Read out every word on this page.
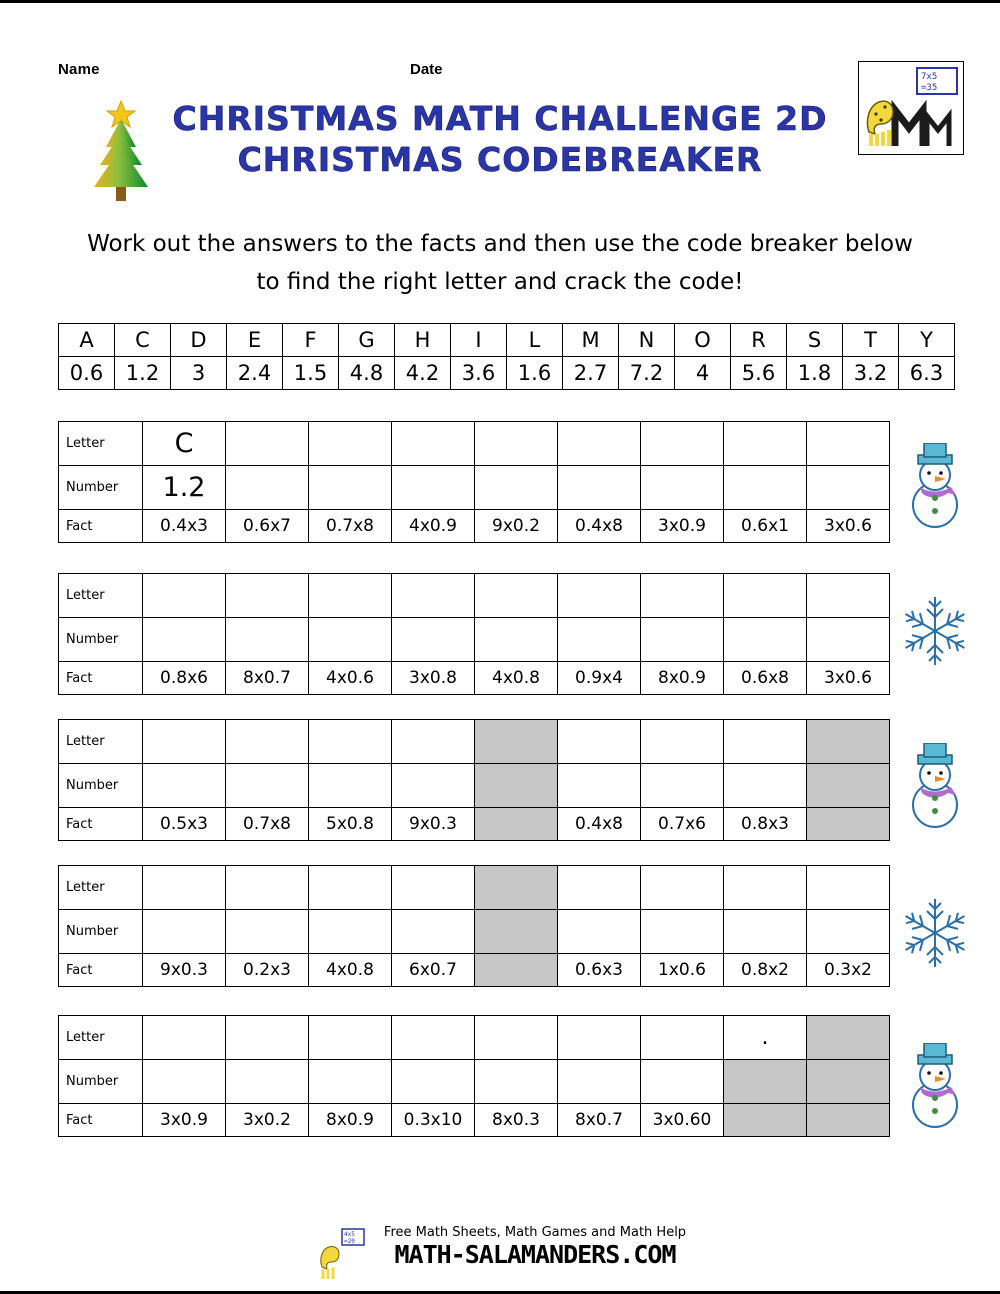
Name	Date	7x5
=35
CHRISTMAS MATH CHALLENGE 2D
CHRISTMAS CODEBREAKER
Work out the answers to the facts and then use the code breaker below
to find the right letter and crack the code!
A	C	D	E	F	G	H	I	L	M	N	O	R	S	T	Y
0.6	1.2	3	2.4	1.5	4.8	4.2	3.6	1.6	2.7	7.2	4	5.6	1.8	3.2	6.3
Letter	C								
Number	1.2								
Fact	0.4x3	0.6x7	0.7x8	4x0.9	9x0.2	0.4x8	3x0.9	0.6x1	3x0.6
Letter									
Number									
Fact	0.8x6	8x0.7	4x0.6	3x0.8	4x0.8	0.9x4	8x0.9	0.6x8	3x0.6
Letter									
Number									
Fact	0.5x3	0.7x8	5x0.8	9x0.3		0.4x8	0.7x6	0.8x3	
Letter									
Number									
Fact	9x0.3	0.2x3	4x0.8	6x0.7		0.6x3	1x0.6	0.8x2	0.3x2
Letter								.	
Number									
Fact	3x0.9	3x0.2	8x0.9	0.3x10	8x0.3	8x0.7	3x0.60		
4x5
=20
Free Math Sheets, Math Games and Math Help
MATH-SALAMANDERS.COM
